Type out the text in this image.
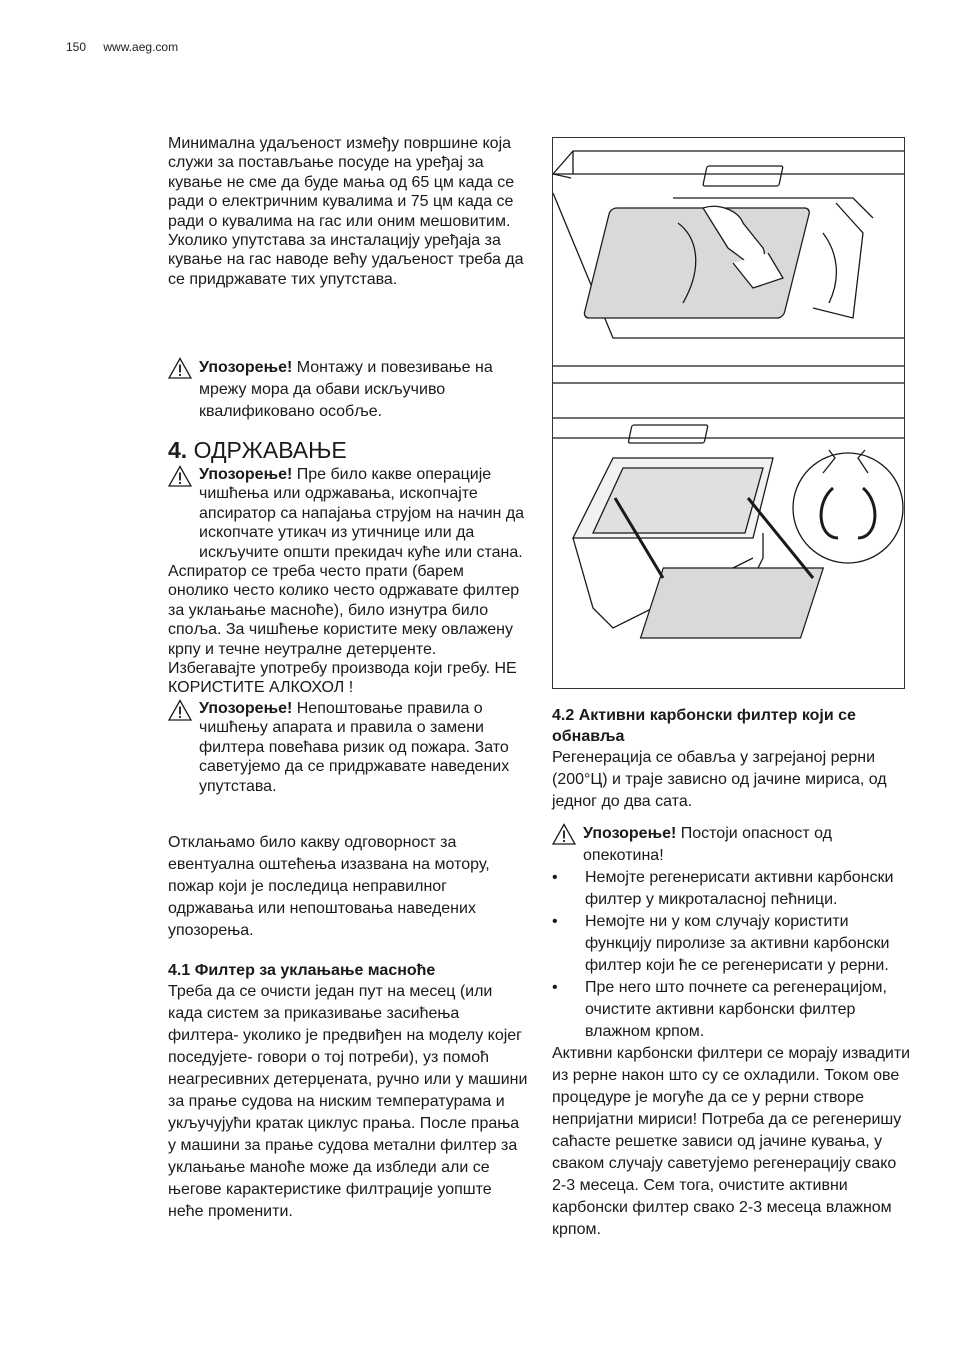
150 www.aeg.com

Минимална удаљеност између површине која служи за постављање посуде на уређај за кување не сме да буде мања од 65 цм када се ради о електричним кувалима и 75 цм када се ради о кувалима на гас или оним мешовитим. Уколико упутстава за инсталацију уређаја за кување на гас наводе већу удаљеност треба да се придржавате тих упутстава.

Упозорење! Монтажу и повезивање на мрежу мора да обави искључиво квалификовано особље.
4. ОДРЖАВАЊЕ
Упозорење! Пре било какве операције чишћења или одржавања, ископчајте апсиратор са напајања струјом на начин да ископчате утикач из утичнице или да искључите општи прекидач куће или стана.

Аспиратор се треба често прати (барем онолико често колико често одржавате филтер за уклањање масноће), било изнутра било споља. За чишћење користите меку овлажену крпу и течне неутралне детерџенте. Избегавајте употребу производа који гребу. НЕ КОРИСТИТЕ АЛКОХОЛ !

Упозорење! Непоштовање правила о чишћењу апарата и правила о замени филтера повећава ризик од пожара. Зато саветујемо да се придржавате наведених упутстава.

Отклањамо било какву одговорност за евентуална оштећења изазвана на мотору, пожар који је последица неправилног одржавања или непоштовања наведених упозорења.

4.1 Филтер за уклањање масноће

Треба да се очисти један пут на месец (или када систем за приказивање засићења филтера- уколико је предвиђен на моделу којег поседујете- говори о тој потреби), уз помоћ неагресивних детерџената, ручно или у машини за прање судова на ниским температурама и укључујући кратак циклус прања. После прања у машини за прање судова метални филтер за уклањање маноће може да избледи али се његове карактеристике филтрације уопште неће променити.

4.2 Активни карбонски филтер који се обнавља

Регенерација се обавља у загрејаној рерни (200°Ц) и траје зависно од јачине мириса, од једног до два сата.

Упозорење! Постоји опасност од опекотина!
• Немојте регенерисати активни карбонски филтер у микроталасној пећници.
• Немојте ни у ком случају користити функцију пиролизе за активни карбонски филтер који ће се регенерисати у рерни.
• Пре него што почнете са регенерацијом, очистите активни карбонски филтер влажном крпом.

Активни карбонски филтери се морају извадити из рерне након што су се охладили. Током ове процедуре је могуће да се у рерни створе непријатни мириси! Потреба да се регенеришу саћасте решетке зависи од јачине кувања, у сваком случају саветујемо регенерацију свако 2-3 месеца. Сем тога, очистите активни карбонски филтер свако 2-3 месеца влажном крпом.
